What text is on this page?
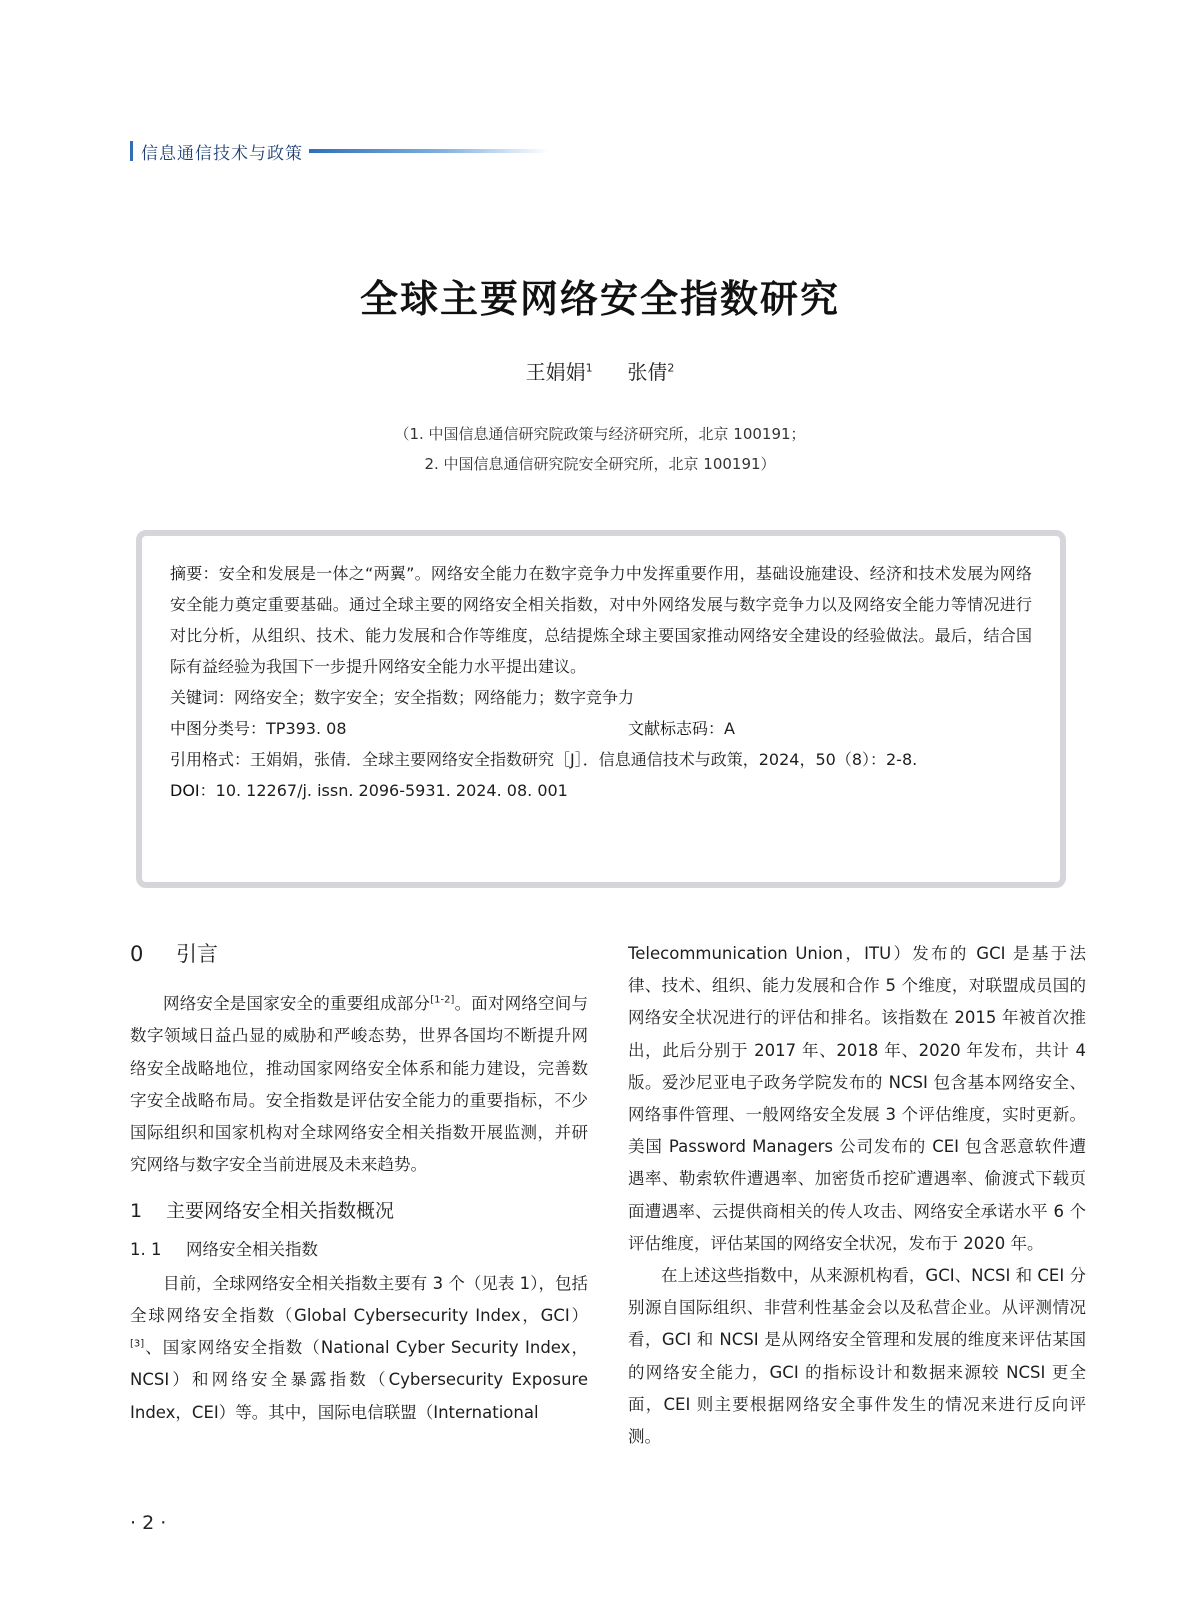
信息通信技术与政策
全球主要网络安全指数研究
王娟娟$^1$ 张倩$^2$
（1. 中国信息通信研究院政策与经济研究所，北京 100191；
2. 中国信息通信研究院安全研究所，北京 100191）

摘要：安全和发展是一体之“两翼”。网络安全能力在数字竞争力中发挥重要作用，基础设施建设、经济和技术发展为网络安全能力奠定重要基础。通过全球主要的网络安全相关指数，对中外网络发展与数字竞争力以及网络安全能力等情况进行对比分析，从组织、技术、能力发展和合作等维度，总结提炼全球主要国家推动网络安全建设的经验做法。最后，结合国际有益经验为我国下一步提升网络安全能力水平提出建议。

关键词：网络安全；数字安全；安全指数；网络能力；数字竞争力

中图分类号：TP393. 08	文献标志码：A

引用格式：王娟娟，张倩．全球主要网络安全指数研究［J］．信息通信技术与政策，2024，50（8）：2-8.

DOI：10. 12267/j. issn. 2096-5931. 2024. 08. 001

0	引言

网络安全是国家安全的重要组成部分[1-2]。面对网络空间与数字领域日益凸显的威胁和严峻态势，世界各国均不断提升网络安全战略地位，推动国家网络安全体系和能力建设，完善数字安全战略布局。安全指数是评估安全能力的重要指标，不少国际组织和国家机构对全球网络安全相关指数开展监测，并研究网络与数字安全当前进展及未来趋势。

1	主要网络安全相关指数概况
1. 1	网络安全相关指数

目前，全球网络安全相关指数主要有 3 个（见表 1），包括全球网络安全指数（Global Cybersecurity Index，GCI）[3]、国家网络安全指数（National Cyber Security Index，NCSI）和网络安全暴露指数（Cybersecurity Exposure Index，CEI）等。其中，国际电信联盟（International

Telecommunication Union，ITU）发布的 GCI 是基于法律、技术、组织、能力发展和合作 5 个维度，对联盟成员国的网络安全状况进行的评估和排名。该指数在 2015 年被首次推出，此后分别于 2017 年、2018 年、2020 年发布，共计 4 版。爱沙尼亚电子政务学院发布的 NCSI 包含基本网络安全、网络事件管理、一般网络安全发展 3 个评估维度，实时更新。美国 Password Managers 公司发布的 CEI 包含恶意软件遭遇率、勒索软件遭遇率、加密货币挖矿遭遇率、偷渡式下载页面遭遇率、云提供商相关的传人攻击、网络安全承诺水平 6 个评估维度，评估某国的网络安全状况，发布于 2020 年。

在上述这些指数中，从来源机构看，GCI、NCSI 和 CEI 分别源自国际组织、非营利性基金会以及私营企业。从评测情况看，GCI 和 NCSI 是从网络安全管理和发展的维度来评估某国的网络安全能力，GCI 的指标设计和数据来源较 NCSI 更全面，CEI 则主要根据网络安全事件发生的情况来进行反向评测。

· 2 ·
